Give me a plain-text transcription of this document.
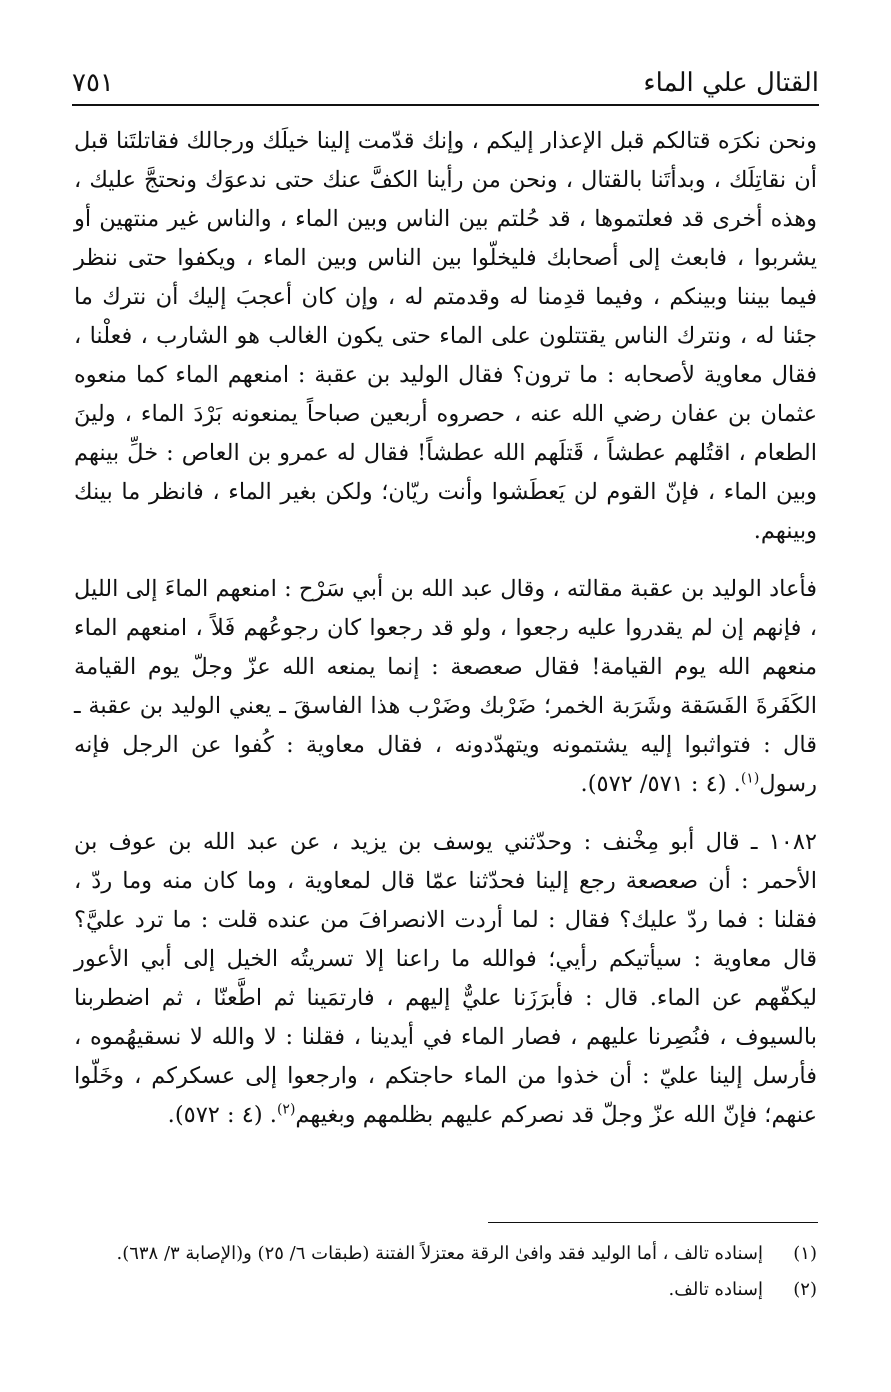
القتال علي الماء
٧٥١

ونحن نكرَه قتالكم قبل الإعذار إليكم ، وإنك قدّمت إلينا خيلَك ورجالك فقاتلتَنا قبل أن نقاتِلَك ، وبدأتَنا بالقتال ، ونحن من رأينا الكفَّ عنك حتى ندعوَك ونحتجَّ عليك ، وهذه أخرى قد فعلتموها ، قد حُلتم بين الناس وبين الماء ، والناس غير منتهين أو يشربوا ، فابعث إلى أصحابك فليخلّوا بين الناس وبين الماء ، ويكفوا حتى ننظر فيما بيننا وبينكم ، وفيما قدِمنا له وقدمتم له ، وإن كان أعجبَ إليك أن نترك ما جئنا له ، ونترك الناس يقتتلون على الماء حتى يكون الغالب هو الشارب ، فعلْنا ، فقال معاوية لأصحابه : ما ترون؟ فقال الوليد بن عقبة : امنعهم الماء كما منعوه عثمان بن عفان رضي الله عنه ، حصروه أربعين صباحاً يمنعونه بَرْدَ الماء ، ولينَ الطعام ، اقتُلهم عطشاً ، قَتلَهم الله عطشاً! فقال له عمرو بن العاص : خلِّ بينهم وبين الماء ، فإنّ القوم لن يَعطَشوا وأنت ريّان؛ ولكن بغير الماء ، فانظر ما بينك وبينهم.

فأعاد الوليد بن عقبة مقالته ، وقال عبد الله بن أبي سَرْح : امنعهم الماءَ إلى الليل ، فإنهم إن لم يقدروا عليه رجعوا ، ولو قد رجعوا كان رجوعُهم فَلاً ، امنعهم الماء منعهم الله يوم القيامة! فقال صعصعة : إنما يمنعه الله عزّ وجلّ يوم القيامة الكَفَرةَ الفَسَقة وشَرَبة الخمر؛ ضَرْبك وضَرْب هذا الفاسقَ ـ يعني الوليد بن عقبة ـ قال : فتواثبوا إليه يشتمونه ويتهدّدونه ، فقال معاوية : كُفوا عن الرجل فإنه رسول$^{(١)}$. (٤ : ٥٧١/ ٥٧٢).

١٠٨٢ ـ قال أبو مِخْنف : وحدّثني يوسف بن يزيد ، عن عبد الله بن عوف بن الأحمر : أن صعصعة رجع إلينا فحدّثنا عمّا قال لمعاوية ، وما كان منه وما ردّ ، فقلنا : فما ردّ عليك؟ فقال : لما أردت الانصرافَ من عنده قلت : ما ترد عليَّ؟ قال معاوية : سيأتيكم رأيي؛ فوالله ما راعنا إلا تسريتُه الخيل إلى أبي الأعور ليكفّهم عن الماء. قال : فأبرَزَنا عليٌّ إليهم ، فارتمَينا ثم اطَّعنّا ، ثم اضطربنا بالسيوف ، فنُصِرنا عليهم ، فصار الماء في أيدينا ، فقلنا : لا والله لا نسقيهُموه ، فأرسل إلينا عليّ : أن خذوا من الماء حاجتكم ، وارجعوا إلى عسكركم ، وخَلّوا عنهم؛ فإنّ الله عزّ وجلّ قد نصركم عليهم بظلمهم وبغيهم$^{(٢)}$. (٤ : ٥٧٢).

(١)إسناده تالف ، أما الوليد فقد وافىٰ الرقة معتزلاً الفتنة (طبقات ٦/ ٢٥) و(الإصابة ٣/ ٦٣٨).
(٢)إسناده تالف.
